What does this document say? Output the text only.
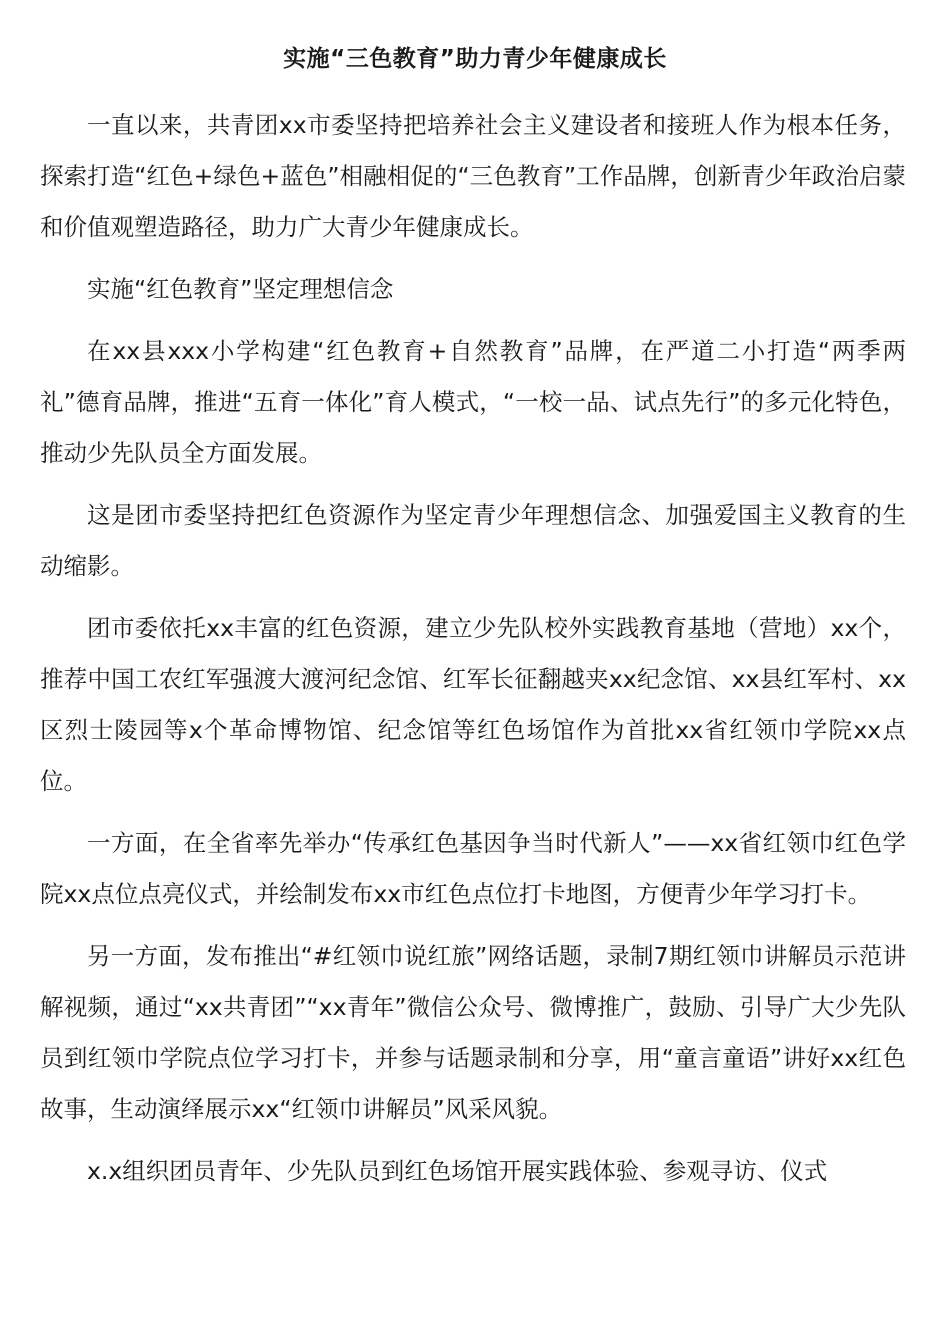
实施“三色教育”助力青少年健康成长

一直以来，共青团xx市委坚持把培养社会主义建设者和接班人作为根本任务，探索打造“红色+绿色+蓝色”相融相促的“三色教育”工作品牌，创新青少年政治启蒙和价值观塑造路径，助力广大青少年健康成长。

实施“红色教育”坚定理想信念

在xx县xxx小学构建“红色教育+自然教育”品牌，在严道二小打造“两季两礼”德育品牌，推进“五育一体化”育人模式，“一校一品、试点先行”的多元化特色，推动少先队员全方面发展。

这是团市委坚持把红色资源作为坚定青少年理想信念、加强爱国主义教育的生动缩影。

团市委依托xx丰富的红色资源，建立少先队校外实践教育基地（营地）xx个，推荐中国工农红军强渡大渡河纪念馆、红军长征翻越夹xx纪念馆、xx县红军村、xx区烈士陵园等x个革命博物馆、纪念馆等红色场馆作为首批xx省红领巾学院xx点位。

一方面，在全省率先举办“传承红色基因争当时代新人”——xx省红领巾红色学院xx点位点亮仪式，并绘制发布xx市红色点位打卡地图，方便青少年学习打卡。

另一方面，发布推出“#红领巾说红旅”网络话题，录制7期红领巾讲解员示范讲解视频，通过“xx共青团”“xx青年”微信公众号、微博推广，鼓励、引导广大少先队员到红领巾学院点位学习打卡，并参与话题录制和分享，用“童言童语”讲好xx红色故事，生动演绎展示xx“红领巾讲解员”风采风貌。

x.x组织团员青年、少先队员到红色场馆开展实践体验、参观寻访、仪式
